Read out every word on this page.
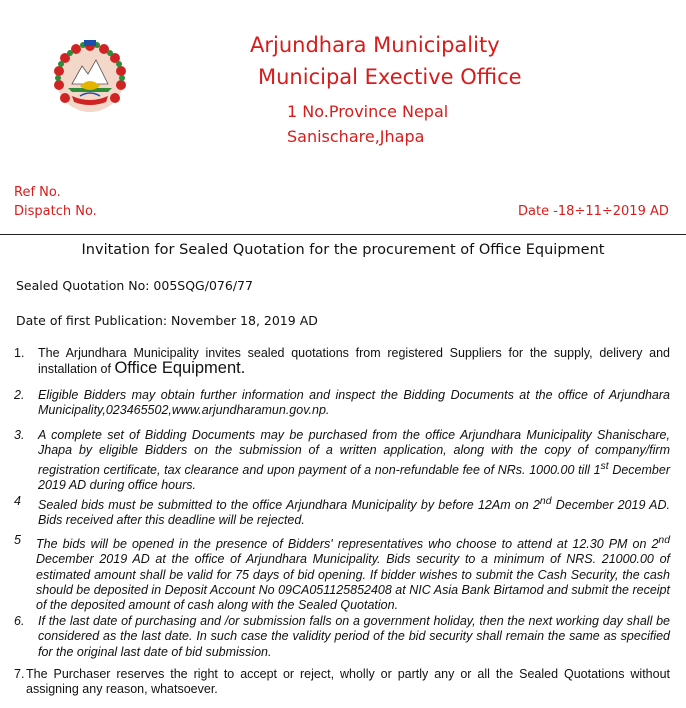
Arjundhara Municipality
Municipal Exective Office
1 No.Province Nepal
Sanischare,Jhapa
Ref No.
Dispatch No.	Date -18÷11÷2019 AD
Invitation for Sealed Quotation for the procurement of Office Equipment
Sealed Quotation No: 005SQG/076/77
Date of first Publication: November 18, 2019 AD
1. The Arjundhara Municipality invites sealed quotations from registered Suppliers for the supply, delivery and installation of Office Equipment.
2. Eligible Bidders may obtain further information and inspect the Bidding Documents at the office of Arjundhara Municipality,023465502,www.arjundharamun.gov.np.
3. A complete set of Bidding Documents may be purchased from the office Arjundhara Municipality Shanischare, Jhapa by eligible Bidders on the submission of a written application, along with the copy of company/firm registration certificate, tax clearance and upon payment of a non-refundable fee of NRs. 1000.00 till 1st December 2019 AD during office hours.
4 Sealed bids must be submitted to the office Arjundhara Municipality by before 12Am on 2nd December 2019 AD. Bids received after this deadline will be rejected.
5 The bids will be opened in the presence of Bidders' representatives who choose to attend at 12.30 PM on 2nd December 2019 AD at the office of Arjundhara Municipality. Bids security to a minimum of NRS. 21000.00 of estimated amount shall be valid for 75 days of bid opening. If bidder wishes to submit the Cash Security, the cash should be deposited in Deposit Account No 09CA051125852408 at NIC Asia Bank Birtamod and submit the receipt of the deposited amount of cash along with the Sealed Quotation.
6. If the last date of purchasing and /or submission falls on a government holiday, then the next working day shall be considered as the last date. In such case the validity period of the bid security shall remain the same as specified for the original last date of bid submission.
7. The Purchaser reserves the right to accept or reject, wholly or partly any or all the Sealed Quotations without assigning any reason, whatsoever.
